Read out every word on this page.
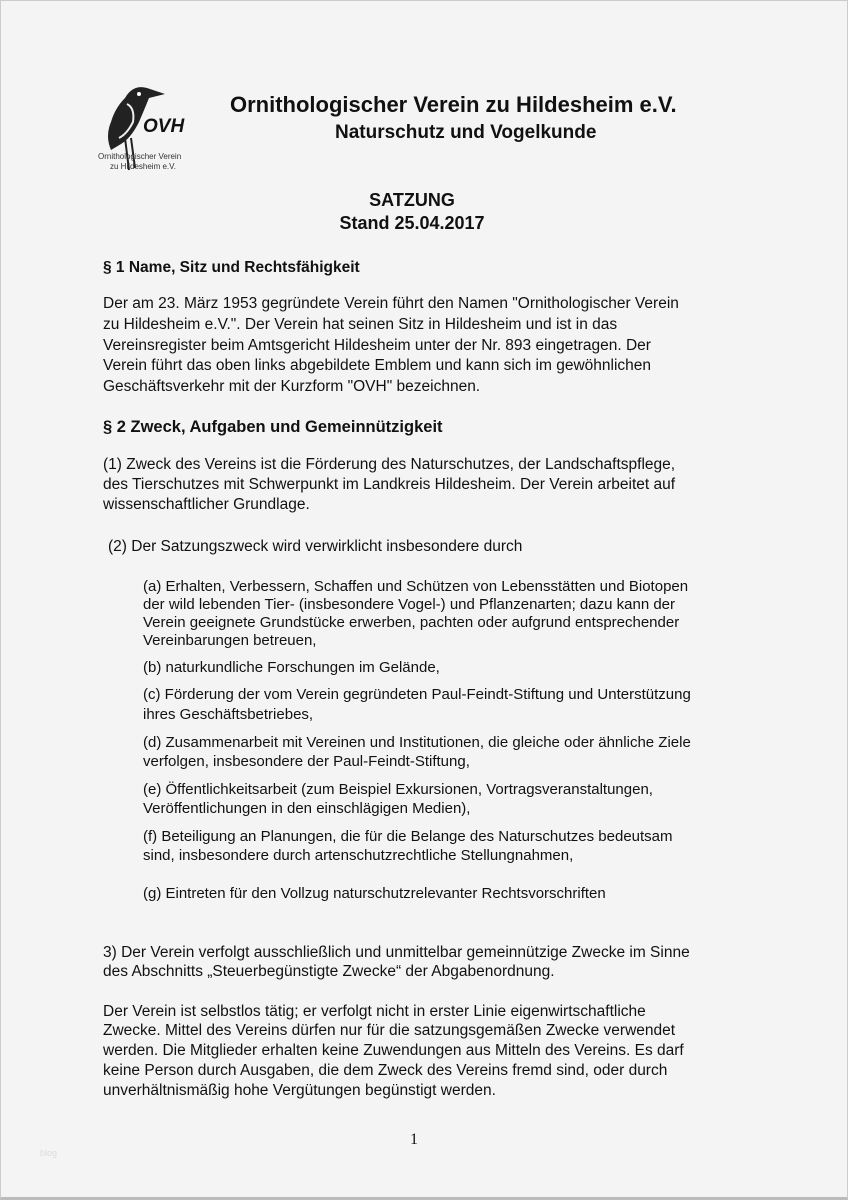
OVH
Ornithologischer Verein
zu Hildesheim e.V.
Ornithologischer Verein zu Hildesheim e.V.
Naturschutz und Vogelkunde
SATZUNG
Stand 25.04.2017
§ 1 Name, Sitz und Rechtsfähigkeit
§ 2 Zweck, Aufgaben und Gemeinnützigkeit
(2) Der Satzungszweck wird verwirklicht insbesondere durch
Der am 23. März 1953 gegründete Verein führt den Namen "Ornithologischer Verein
zu Hildesheim e.V.". Der Verein hat seinen Sitz in Hildesheim und ist in das
Vereinsregister beim Amtsgericht Hildesheim unter der Nr. 893 eingetragen. Der
Verein führt das oben links abgebildete Emblem und kann sich im gewöhnlichen
Geschäftsverkehr mit der Kurzform "OVH" bezeichnen.
(1) Zweck des Vereins ist die Förderung des Naturschutzes, der Landschaftspflege,
des Tierschutzes mit Schwerpunkt im Landkreis Hildesheim. Der Verein arbeitet auf
wissenschaftlicher Grundlage.
(a) Erhalten, Verbessern, Schaffen und Schützen von Lebensstätten und Biotopen
der wild lebenden Tier- (insbesondere Vogel-) und Pflanzenarten; dazu kann der
Verein geeignete Grundstücke erwerben, pachten oder aufgrund entsprechender
Vereinbarungen betreuen,
(b) naturkundliche Forschungen im Gelände,
(c) Förderung der vom Verein gegründeten Paul-Feindt-Stiftung und Unterstützung
ihres Geschäftsbetriebes,
(d) Zusammenarbeit mit Vereinen und Institutionen, die gleiche oder ähnliche Ziele
verfolgen, insbesondere der Paul-Feindt-Stiftung,
(e) Öffentlichkeitsarbeit (zum Beispiel Exkursionen, Vortragsveranstaltungen,
Veröffentlichungen in den einschlägigen Medien),
(f) Beteiligung an Planungen, die für die Belange des Naturschutzes bedeutsam
sind, insbesondere durch artenschutzrechtliche Stellungnahmen,
(g) Eintreten für den Vollzug naturschutzrelevanter Rechtsvorschriften
3) Der Verein verfolgt ausschließlich und unmittelbar gemeinnützige Zwecke im Sinne
des Abschnitts „Steuerbegünstigte Zwecke“ der Abgabenordnung.
Der Verein ist selbstlos tätig; er verfolgt nicht in erster Linie eigenwirtschaftliche
Zwecke. Mittel des Vereins dürfen nur für die satzungsgemäßen Zwecke verwendet
werden. Die Mitglieder erhalten keine Zuwendungen aus Mitteln des Vereins. Es darf
keine Person durch Ausgaben, die dem Zweck des Vereins fremd sind, oder durch
unverhältnismäßig hohe Vergütungen begünstigt werden.
1
blog
